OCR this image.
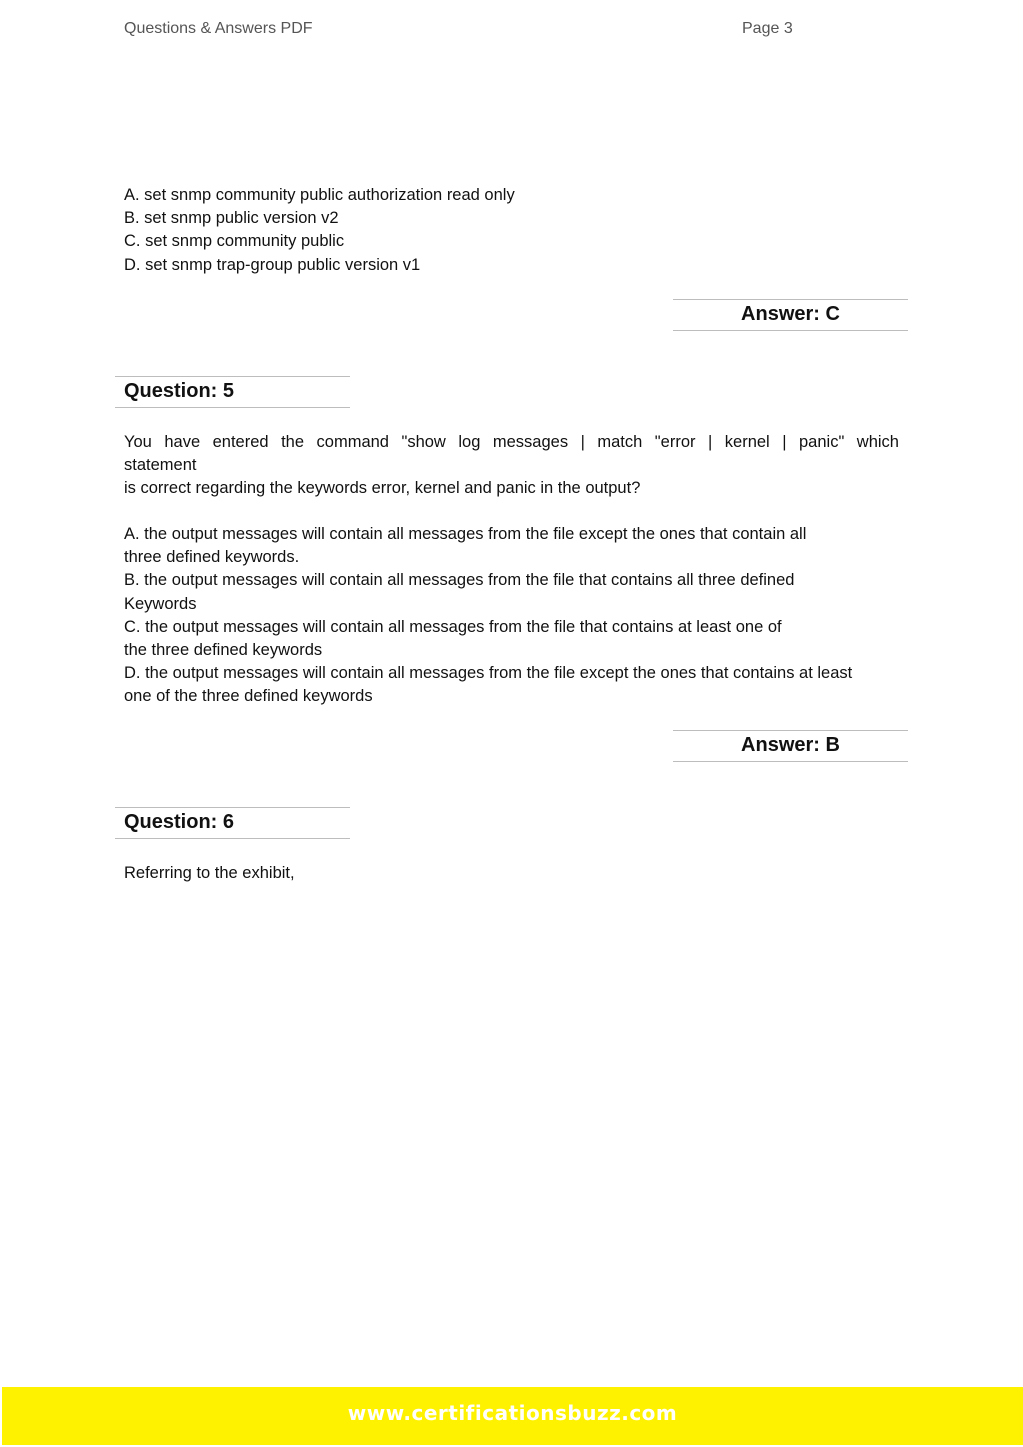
Questions & Answers PDF	Page 3
A. set snmp community public authorization read only
B. set snmp public version v2
C. set snmp community public
D. set snmp trap-group public version v1
Answer: C
Question: 5
You have entered the command "show log messages | match "error | kernel | panic" which
statement
is correct regarding the keywords error, kernel and panic in the output?
A. the output messages will contain all messages from the file except the ones that contain all
three defined keywords.
B. the output messages will contain all messages from the file that contains all three defined
Keywords
C. the output messages will contain all messages from the file that contains at least one of
the three defined keywords
D. the output messages will contain all messages from the file except the ones that contains at least
one of the three defined keywords
Answer: B
Question: 6
Referring to the exhibit,
www.certificationsbuzz.com
